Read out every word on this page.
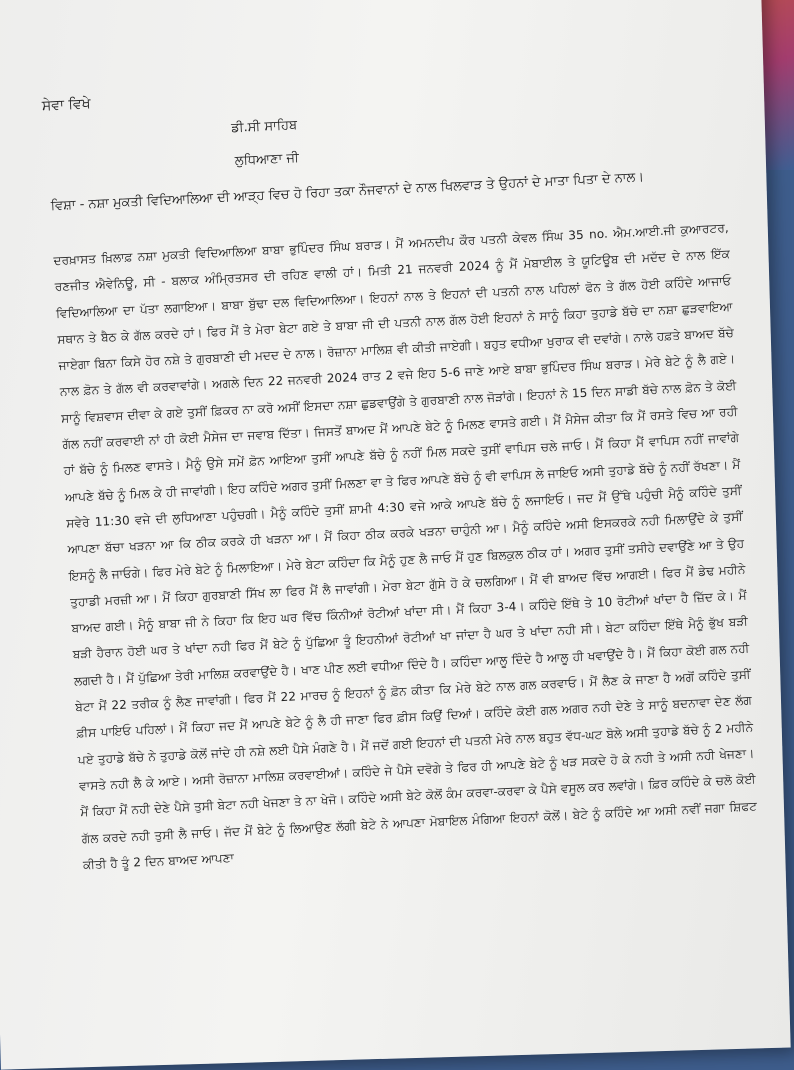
ਸੇਵਾ ਵਿਖੇ
ਡੀ.ਸੀ ਸਾਹਿਬ
ਲੁਧਿਆਣਾ ਜੀ
ਵਿਸ਼ਾ - ਨਸ਼ਾ ਮੁਕਤੀ ਵਿਦਿਆਲਿਆ ਦੀ ਆੜ੍ਹ ਵਿਚ ਹੋ ਰਿਹਾ ਤਕਾ ਨੌਜਵਾਨਾਂ ਦੇ ਨਾਲ ਖਿਲਵਾੜ ਤੇ ਉਹਨਾਂ ਦੇ ਮਾਤਾ ਪਿਤਾ ਦੇ ਨਾਲ।
ਦਰਖ਼ਾਸਤ ਖ਼ਿਲਾਫ਼ ਨਸ਼ਾ ਮੁਕਤੀ ਵਿਦਿਆਲਿਆ ਬਾਬਾ ਭੁਪਿੰਦਰ ਸਿੰਘ ਬਰਾੜ। ਮੈਂ ਅਮਨਦੀਪ ਕੌਰ ਪਤਨੀ ਕੇਵਲ ਸਿੰਘ 35 no. ਐਮ.ਆਈ.ਜੀ ਕੁਆਰਟਰ, ਰਣਜੀਤ ਐਵੇਨਿਊ, ਸੀ - ਬਲਾਕ ਅੰਮ੍ਰਿਤਸਰ ਦੀ ਰਹਿਣ ਵਾਲੀ ਹਾਂ। ਮਿਤੀ 21 ਜਨਵਰੀ 2024 ਨੂੰ ਮੈਂ ਮੋਬਾਈਲ ਤੇ ਯੂਟਿਊਬ ਦੀ ਮਦੱਦ ਦੇ ਨਾਲ ਇੱਕ ਵਿਦਿਆਲਿਆ ਦਾ ਪੱਤਾ ਲਗਾਇਆ। ਬਾਬਾ ਬੁੱਢਾ ਦਲ ਵਿਦਿਆਲਿਆ। ਇਹਨਾਂ ਨਾਲ ਤੇ ਇਹਨਾਂ ਦੀ ਪਤਨੀ ਨਾਲ ਪਹਿਲਾਂ ਫੋਨ ਤੇ ਗੱਲ ਹੋਈ ਕਹਿੰਦੇ ਆਜਾਓ ਸਥਾਨ ਤੇ ਬੈਠ ਕੇ ਗੱਲ ਕਰਦੇ ਹਾਂ। ਫਿਰ ਮੈਂ ਤੇ ਮੇਰਾ ਬੇਟਾ ਗਏ ਤੇ ਬਾਬਾ ਜੀ ਦੀ ਪਤਨੀ ਨਾਲ ਗੱਲ ਹੋਈ ਇਹਨਾਂ ਨੇ ਸਾਨੂੰ ਕਿਹਾ ਤੁਹਾਡੇ ਬੱਚੇ ਦਾ ਨਸ਼ਾ ਛੁੜਵਾਇਆ ਜਾਏਗਾ ਬਿਨਾ ਕਿਸੇ ਹੋਰ ਨਸ਼ੇ ਤੇ ਗੁਰਬਾਣੀ ਦੀ ਮਦਦ ਦੇ ਨਾਲ। ਰੋਜ਼ਾਨਾ ਮਾਲਿਸ਼ ਵੀ ਕੀਤੀ ਜਾਏਗੀ। ਬਹੁਤ ਵਧੀਆ ਖੁਰਾਕ ਵੀ ਦਵਾਂਗੇ। ਨਾਲੇ ਹਫ਼ਤੇ ਬਾਅਦ ਬੱਚੇ ਨਾਲ ਫ਼ੋਨ ਤੇ ਗੱਲ ਵੀ ਕਰਵਾਵਾਂਗੇ। ਅਗਲੇ ਦਿਨ 22 ਜਨਵਰੀ 2024 ਰਾਤ 2 ਵਜੇ ਇਹ 5-6 ਜਾਣੇ ਆਏ ਬਾਬਾ ਭੁਪਿੰਦਰ ਸਿੰਘ ਬਰਾੜ। ਮੇਰੇ ਬੇਟੇ ਨੂੰ ਲੈ ਗਏ। ਸਾਨੂੰ ਵਿਸ਼ਵਾਸ ਦੀਵਾ ਕੇ ਗਏ ਤੁਸੀਂ ਫ਼ਿਕਰ ਨਾ ਕਰੋ ਅਸੀਂ ਇਸਦਾ ਨਸ਼ਾ ਛੁਡਵਾਉਂਗੇ ਤੇ ਗੁਰਬਾਣੀ ਨਾਲ ਜੋੜਾਂਗੇ। ਇਹਨਾਂ ਨੇ 15 ਦਿਨ ਸਾਡੀ ਬੱਚੇ ਨਾਲ ਫ਼ੋਨ ਤੇ ਕੋਈ ਗੱਲ ਨਹੀਂ ਕਰਵਾਈ ਨਾਂ ਹੀ ਕੋਈ ਮੈਸੇਜ ਦਾ ਜਵਾਬ ਦਿੱਤਾ। ਜਿਸਤੋਂ ਬਾਅਦ ਮੈਂ ਆਪਣੇ ਬੇਟੇ ਨੂੰ ਮਿਲਣ ਵਾਸਤੇ ਗਈ। ਮੈਂ ਮੈਸੇਜ ਕੀਤਾ ਕਿ ਮੈਂ ਰਸਤੇ ਵਿਚ ਆ ਰਹੀ ਹਾਂ ਬੱਚੇ ਨੂੰ ਮਿਲਣ ਵਾਸਤੇ। ਮੈਨੂੰ ਉਸੇ ਸਮੇਂ ਫ਼ੋਨ ਆਇਆ ਤੁਸੀਂ ਆਪਣੇ ਬੱਚੇ ਨੂੰ ਨਹੀਂ ਮਿਲ ਸਕਦੇ ਤੁਸੀਂ ਵਾਪਿਸ ਚਲੇ ਜਾਓ। ਮੈਂ ਕਿਹਾ ਮੈਂ ਵਾਪਿਸ ਨਹੀਂ ਜਾਵਾਂਗੇ ਆਪਣੇ ਬੱਚੇ ਨੂੰ ਮਿਲ ਕੇ ਹੀ ਜਾਵਾਂਗੀ। ਇਹ ਕਹਿੰਦੇ ਅਗਰ ਤੁਸੀਂ ਮਿਲਣਾ ਵਾ ਤੇ ਫਿਰ ਆਪਣੇ ਬੱਚੇ ਨੂੰ ਵੀ ਵਾਪਿਸ ਲੇ ਜਾਇਓ ਅਸੀ ਤੁਹਾਡੇ ਬੱਚੇ ਨੂੰ ਨਹੀਂ ਰੱਖਣਾ। ਮੈਂ ਸਵੇਰੇ 11:30 ਵਜੇ ਦੀ ਲੁਧਿਆਣਾ ਪਹੁੰਚਗੀ। ਮੈਨੂੰ ਕਹਿੰਦੇ ਤੁਸੀਂ ਸ਼ਾਮੀ 4:30 ਵਜੇ ਆਕੇ ਆਪਣੇ ਬੱਚੇ ਨੂੰ ਲਜਾਇਓ। ਜਦ ਮੈਂ ਉੱਥੇ ਪਹੁੰਚੀ ਮੈਨੂੰ ਕਹਿੰਦੇ ਤੁਸੀਂ ਆਪਣਾ ਬੱਚਾ ਖੜਨਾ ਆ ਕਿ ਠੀਕ ਕਰਕੇ ਹੀ ਖੜਨਾ ਆ। ਮੈਂ ਕਿਹਾ ਠੀਕ ਕਰਕੇ ਖੜਨਾ ਚਾਹੁੰਨੀ ਆ। ਮੈਨੂੰ ਕਹਿੰਦੇ ਅਸੀ ਇਸਕਰਕੇ ਨਹੀ ਮਿਲਾਉਂਦੇ ਕੇ ਤੁਸੀਂ ਇਸਨੂੰ ਲੈ ਜਾਓਗੇ। ਫਿਰ ਮੇਰੇ ਬੇਟੇ ਨੂੰ ਮਿਲਾਇਆ। ਮੇਰੇ ਬੇਟਾ ਕਹਿੰਦਾ ਕਿ ਮੈਨੂੰ ਹੁਣ ਲੈ ਜਾਓ ਮੈਂ ਹੁਣ ਬਿਲਕੁਲ ਠੀਕ ਹਾਂ। ਅਗਰ ਤੁਸੀਂ ਤਸੀਹੇ ਦਵਾਉਂਣੇ ਆ ਤੇ ਉਹ ਤੁਹਾਡੀ ਮਰਜ਼ੀ ਆ। ਮੈਂ ਕਿਹਾ ਗੁਰਬਾਣੀ ਸਿੱਖ ਲਾ ਫਿਰ ਮੈਂ ਲੈ ਜਾਵਾਂਗੀ। ਮੇਰਾ ਬੇਟਾ ਗੁੱਸੇ ਹੋ ਕੇ ਚਲਗਿਆ। ਮੈਂ ਵੀ ਬਾਅਦ ਵਿੱਚ ਆਗਈ। ਫਿਰ ਮੈਂ ਡੇਢ ਮਹੀਨੇ ਬਾਅਦ ਗਈ। ਮੈਨੂੰ ਬਾਬਾ ਜੀ ਨੇ ਕਿਹਾ ਕਿ ਇਹ ਘਰ ਵਿੱਚ ਕਿੰਨੀਆਂ ਰੋਟੀਆਂ ਖਾਂਦਾ ਸੀ। ਮੈਂ ਕਿਹਾ 3-4। ਕਹਿੰਦੇ ਇੱਥੇ ਤੇ 10 ਰੋਟੀਆਂ ਖਾਂਦਾ ਹੈ ਜ਼ਿੱਦ ਕੇ। ਮੈਂ ਬੜੀ ਹੈਰਾਨ ਹੋਈ ਘਰ ਤੇ ਖਾਂਦਾ ਨਹੀ ਫਿਰ ਮੈਂ ਬੇਟੇ ਨੂੰ ਪੁੱਛਿਆ ਤੂੰ ਇਹਨੀਆਂ ਰੋਟੀਆਂ ਖਾ ਜਾਂਦਾ ਹੈ ਘਰ ਤੇ ਖਾਂਦਾ ਨਹੀ ਸੀ। ਬੇਟਾ ਕਹਿੰਦਾ ਇੱਥੇ ਮੈਨੂੰ ਭੁੱਖ ਬੜੀ ਲਗਦੀ ਹੈ। ਮੈਂ ਪੁੱਛਿਆ ਤੇਰੀ ਮਾਲਿਸ਼ ਕਰਵਾਉਂਦੇ ਹੈ। ਖਾਣ ਪੀਣ ਲਈ ਵਧੀਆ ਦਿੰਦੇ ਹੈ। ਕਹਿੰਦਾ ਆਲੂ ਦਿੰਦੇ ਹੈ ਆਲੂ ਹੀ ਖਵਾਉਂਦੇ ਹੈ। ਮੈਂ ਕਿਹਾ ਕੋਈ ਗਲ ਨਹੀ ਬੇਟਾ ਮੈਂ 22 ਤਰੀਕ ਨੂੰ ਲੈਣ ਜਾਵਾਂਗੀ। ਫਿਰ ਮੈਂ 22 ਮਾਰਚ ਨੂੰ ਇਹਨਾਂ ਨੂੰ ਫ਼ੋਨ ਕੀਤਾ ਕਿ ਮੇਰੇ ਬੇਟੇ ਨਾਲ ਗਲ ਕਰਵਾਓ। ਮੈਂ ਲੈਣ ਕੇ ਜਾਣਾ ਹੈ ਅਗੋਂ ਕਹਿੰਦੇ ਤੁਸੀਂ ਫ਼ੀਸ ਪਾਇਓ ਪਹਿਲਾਂ। ਮੈਂ ਕਿਹਾ ਜਦ ਮੈਂ ਆਪਣੇ ਬੇਟੇ ਨੂੰ ਲੈ ਹੀ ਜਾਣਾ ਫਿਰ ਫ਼ੀਸ ਕਿਉਂ ਦਿਆਂ। ਕਹਿੰਦੇ ਕੋਈ ਗਲ ਅਗਰ ਨਹੀ ਦੇਣੇ ਤੇ ਸਾਨੂੰ ਬਦਨਾਵਾ ਦੇਣ ਲੱਗ ਪਏ ਤੁਹਾਡੇ ਬੱਚੇ ਨੇ ਤੁਹਾਡੇ ਕੋਲੋਂ ਜਾਂਦੇ ਹੀ ਨਸ਼ੇ ਲਈ ਪੈਸੇ ਮੰਗਣੇ ਹੈ। ਮੈਂ ਜਦੋਂ ਗਈ ਇਹਨਾਂ ਦੀ ਪਤਨੀ ਮੇਰੇ ਨਾਲ ਬਹੁਤ ਵੱਧ-ਘਟ ਬੋਲੇ ਅਸੀ ਤੁਹਾਡੇ ਬੱਚੇ ਨੂੰ 2 ਮਹੀਨੇ ਵਾਸਤੇ ਨਹੀ ਲੈ ਕੇ ਆਏ। ਅਸੀ ਰੋਜ਼ਾਨਾ ਮਾਲਿਸ਼ ਕਰਵਾਈਆਂ। ਕਹਿੰਦੇ ਜੇ ਪੈਸੇ ਦਵੋਗੇ ਤੇ ਫਿਰ ਹੀ ਆਪਣੇ ਬੇਟੇ ਨੂੰ ਖੜ ਸਕਦੇ ਹੋ ਕੇ ਨਹੀ ਤੇ ਅਸੀ ਨਹੀ ਖੇਜਣਾ। ਮੈਂ ਕਿਹਾ ਮੈਂ ਨਹੀ ਦੇਣੇ ਪੈਸੇ ਤੁਸੀ ਬੇਟਾ ਨਹੀ ਖੇਜਣਾ ਤੇ ਨਾ ਖੇਜੋ। ਕਹਿੰਦੇ ਅਸੀ ਬੇਟੇ ਕੋਲੋਂ ਕੰਮ ਕਰਵਾ-ਕਰਵਾ ਕੇ ਪੈਸੇ ਵਸੂਲ ਕਰ ਲਵਾਂਗੇ। ਫ਼ਿਰ ਕਹਿੰਦੇ ਕੇ ਚਲੋ ਕੋਈ ਗੱਲ ਕਰਦੇ ਨਹੀ ਤੁਸੀ ਲੈ ਜਾਓ। ਜੱਦ ਮੈਂ ਬੇਟੇ ਨੂੰ ਲਿਆਉਣ ਲੱਗੀ ਬੇਟੇ ਨੇ ਆਪਣਾ ਮੋਬਾਇਲ ਮੰਗਿਆ ਇਹਨਾਂ ਕੋਲੋਂ। ਬੇਟੇ ਨੂੰ ਕਹਿੰਦੇ ਆ ਅਸੀ ਨਵੀਂ ਜਗਾ ਸ਼ਿਫਟ ਕੀਤੀ ਹੈ ਤੂੰ 2 ਦਿਨ ਬਾਅਦ ਆਪਣਾ
